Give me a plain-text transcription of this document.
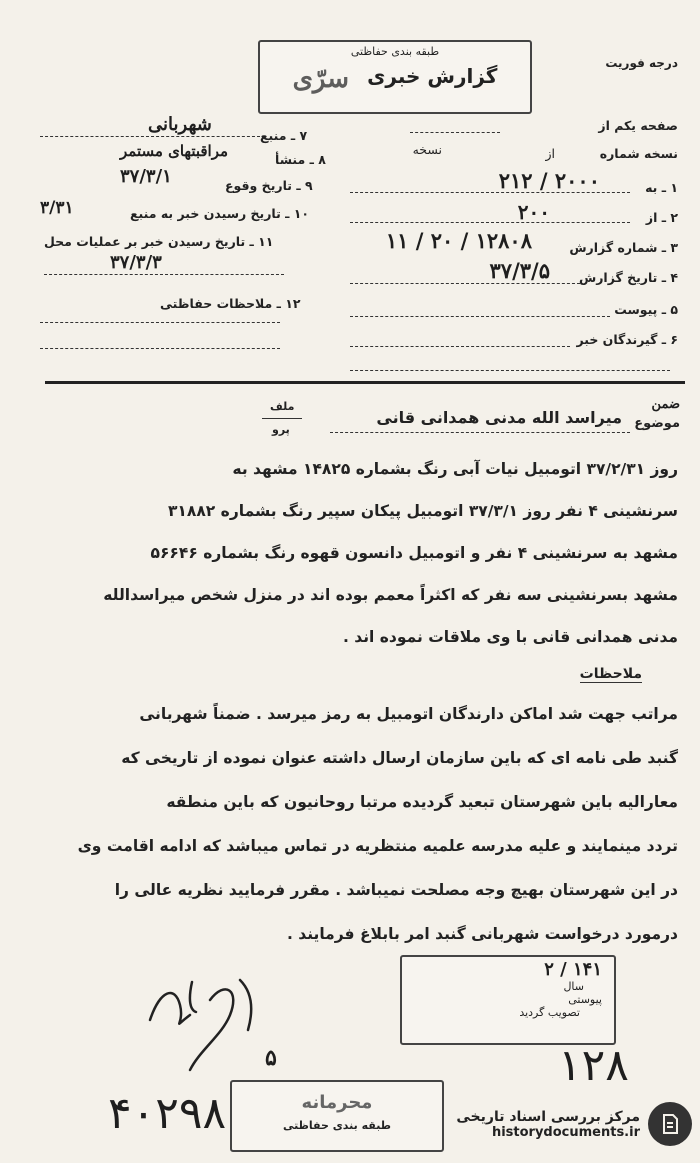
طبقه بندی حفاظتی
گزارش خبری
سرّی
درجه فوریت
صفحه یکم از
نسخه شماره
از
نسخه
۱ ـ به
۲۰۰۰ / ۲۱۲
۲ ـ از
۲۰۰
۳ ـ شماره گزارش
۱۲۸۰۸ / ۲۰ / ۱۱
۴ ـ تاریخ گزارش
۳۷/۳/۵
۵ ـ پیوست
۶ ـ گیرندگان خبر
۷ ـ منبع
شهربانی
۸ ـ منشأ
مراقبتهای مستمر
۹ ـ تاریخ وقوع
۳۷/۳/۱
۱۰ ـ تاریخ رسیدن خبر به منبع
۳/۳۱
۱۱ ـ تاریخ رسیدن خبر بر عملیات محل
۳۷/۳/۳
۱۲ ـ ملاحظات حفاظتی
ضمن
موضوع
میراسد الله مدنی همدانی قانی
ملف
پرو
روز ۳۷/۲/۳۱ اتومبیل نیات آبی رنگ بشماره ۱۴۸۲۵ مشهد به
سرنشینی ۴ نفر روز ۳۷/۳/۱ اتومبیل پیکان سپیر رنگ بشماره ۳۱۸۸۲
مشهد به سرنشینی ۴ نفر و اتومبیل دانسون قهوه رنگ بشماره ۵۶۶۴۶
مشهد بسرنشینی سه نفر که اکثراً معمم بوده اند در منزل شخص میراسدالله
مدنی همدانی قانی با وی ملاقات نموده اند .
ملاحظات
مراتب جهت شد اماکن دارندگان اتومبیل به رمز میرسد . ضمناً شهربانی
گنبد طی نامه ای که باین سازمان ارسال داشته عنوان نموده از تاریخی که
معارالیه باین شهرستان تبعید گردیده مرتبا روحانیون که باین منطقه
تردد مینمایند و علیه مدرسه علمیه منتظریه در تماس میباشد که ادامه اقامت وی
در این شهرستان بهیچ وجه مصلحت نمیباشد . مقرر فرمایید نظریه عالی را
درمورد درخواست شهربانی گنبد امر بابلاغ فرمایند .
۱۴۱ / ۲
سال
پیوستی
تصویب گردید
۵	۱۲۸
۴۰۲۹۸	محرمانه
طبقه بندی حفاظتی
مرکز بررسی اسناد تاریخی
historydocuments.ir
